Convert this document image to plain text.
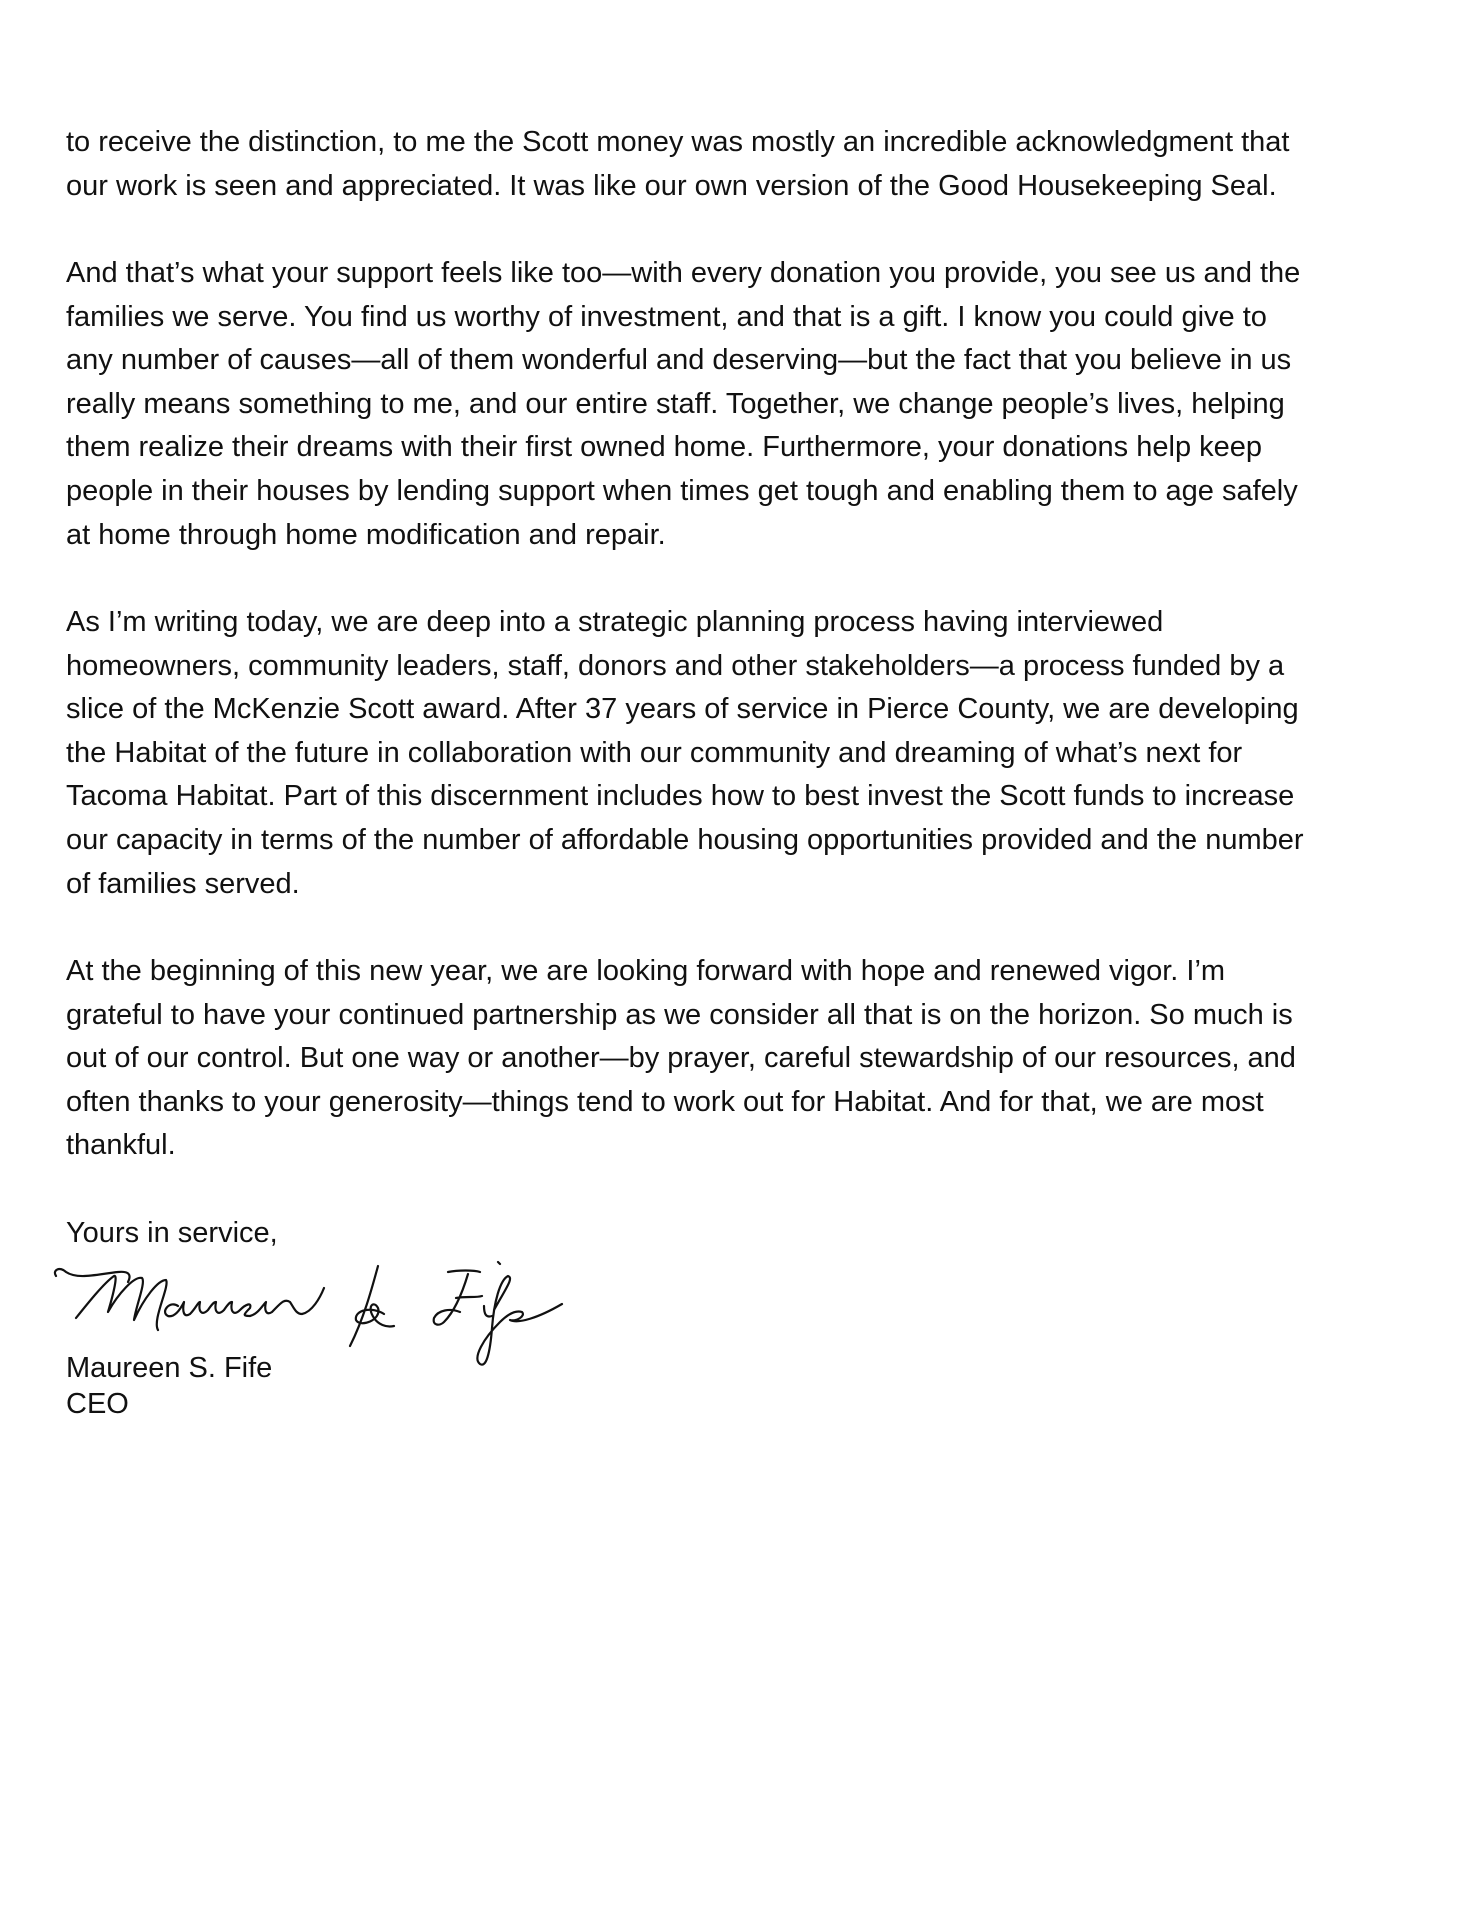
to receive the distinction, to me the Scott money was mostly an incredible acknowledgment that
our work is seen and appreciated. It was like our own version of the Good Housekeeping Seal.
And that’s what your support feels like too—with every donation you provide, you see us and the
families we serve. You find us worthy of investment, and that is a gift. I know you could give to
any number of causes—all of them wonderful and deserving—but the fact that you believe in us
really means something to me, and our entire staff. Together, we change people’s lives, helping
them realize their dreams with their first owned home. Furthermore, your donations help keep
people in their houses by lending support when times get tough and enabling them to age safely
at home through home modification and repair.
As I’m writing today, we are deep into a strategic planning process having interviewed
homeowners, community leaders, staff, donors and other stakeholders—a process funded by a
slice of the McKenzie Scott award. After 37 years of service in Pierce County, we are developing
the Habitat of the future in collaboration with our community and dreaming of what’s next for
Tacoma Habitat. Part of this discernment includes how to best invest the Scott funds to increase
our capacity in terms of the number of affordable housing opportunities provided and the number
of families served.
At the beginning of this new year, we are looking forward with hope and renewed vigor. I’m
grateful to have your continued partnership as we consider all that is on the horizon. So much is
out of our control. But one way or another—by prayer, careful stewardship of our resources, and
often thanks to your generosity—things tend to work out for Habitat. And for that, we are most
thankful.
Yours in service,
Maureen S. Fife
CEO
